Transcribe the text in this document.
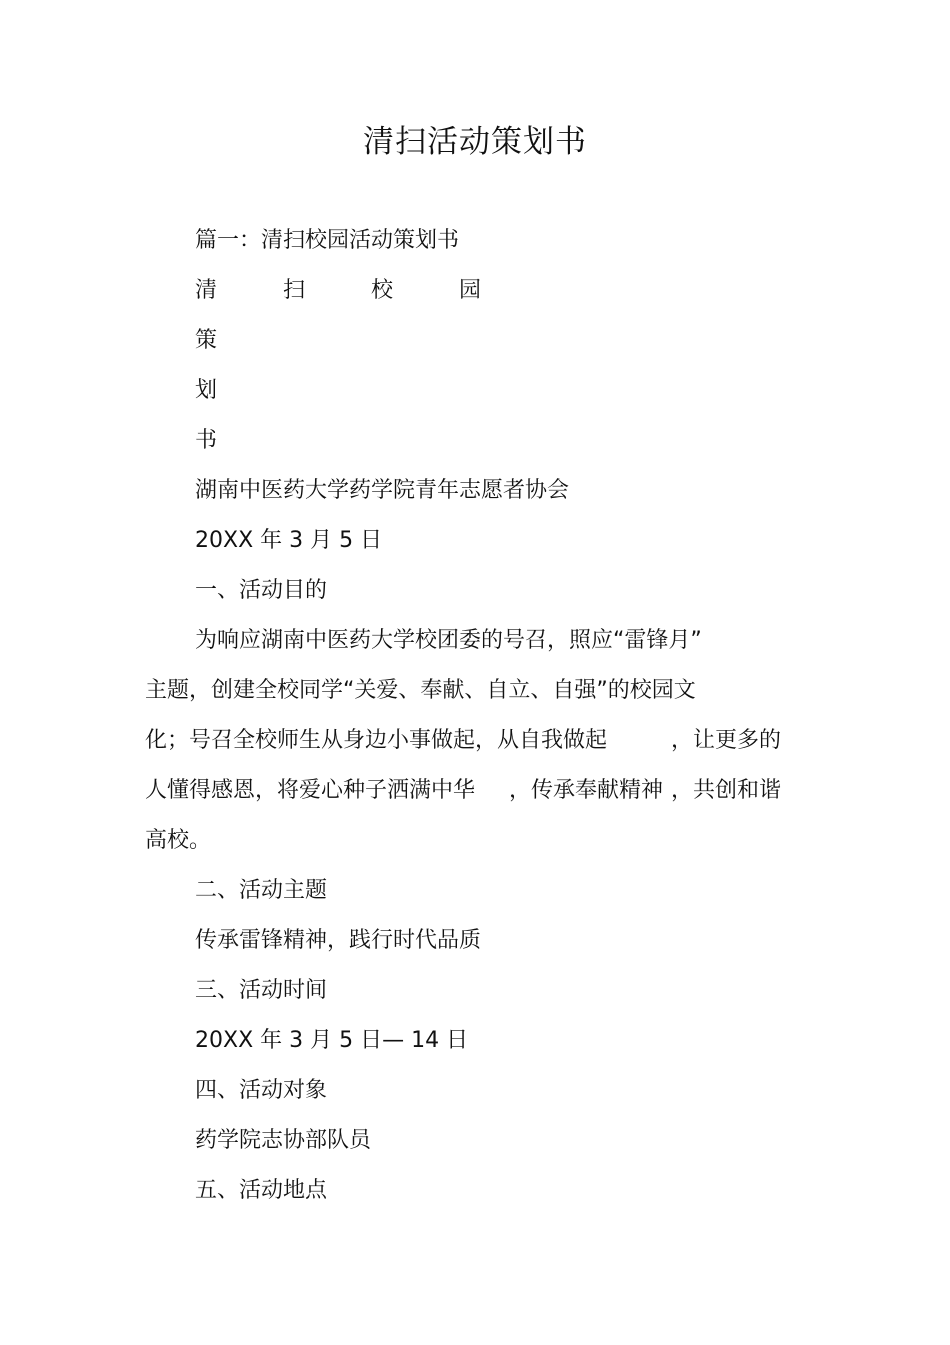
清扫活动策划书
篇一：清扫校园活动策划书
清　扫　校　园
策
划
书
湖南中医药大学药学院青年志愿者协会
20XX 年 3 月 5 日
一、活动目的
为响应湖南中医药大学校团委的号召，照应“雷锋月”
主题，创建全校同学“关爱、奉献、自立、自强”的校园文
化；号召全校师生从身边小事做起，从自我做起	，让更多的
人懂得感恩，将爱心种子洒满中华 ，传承奉献精神 ，共创和谐
高校。
二、活动主题
传承雷锋精神，践行时代品质
三、活动时间
20XX 年 3 月 5 日— 14 日
四、活动对象
药学院志协部队员
五、活动地点
